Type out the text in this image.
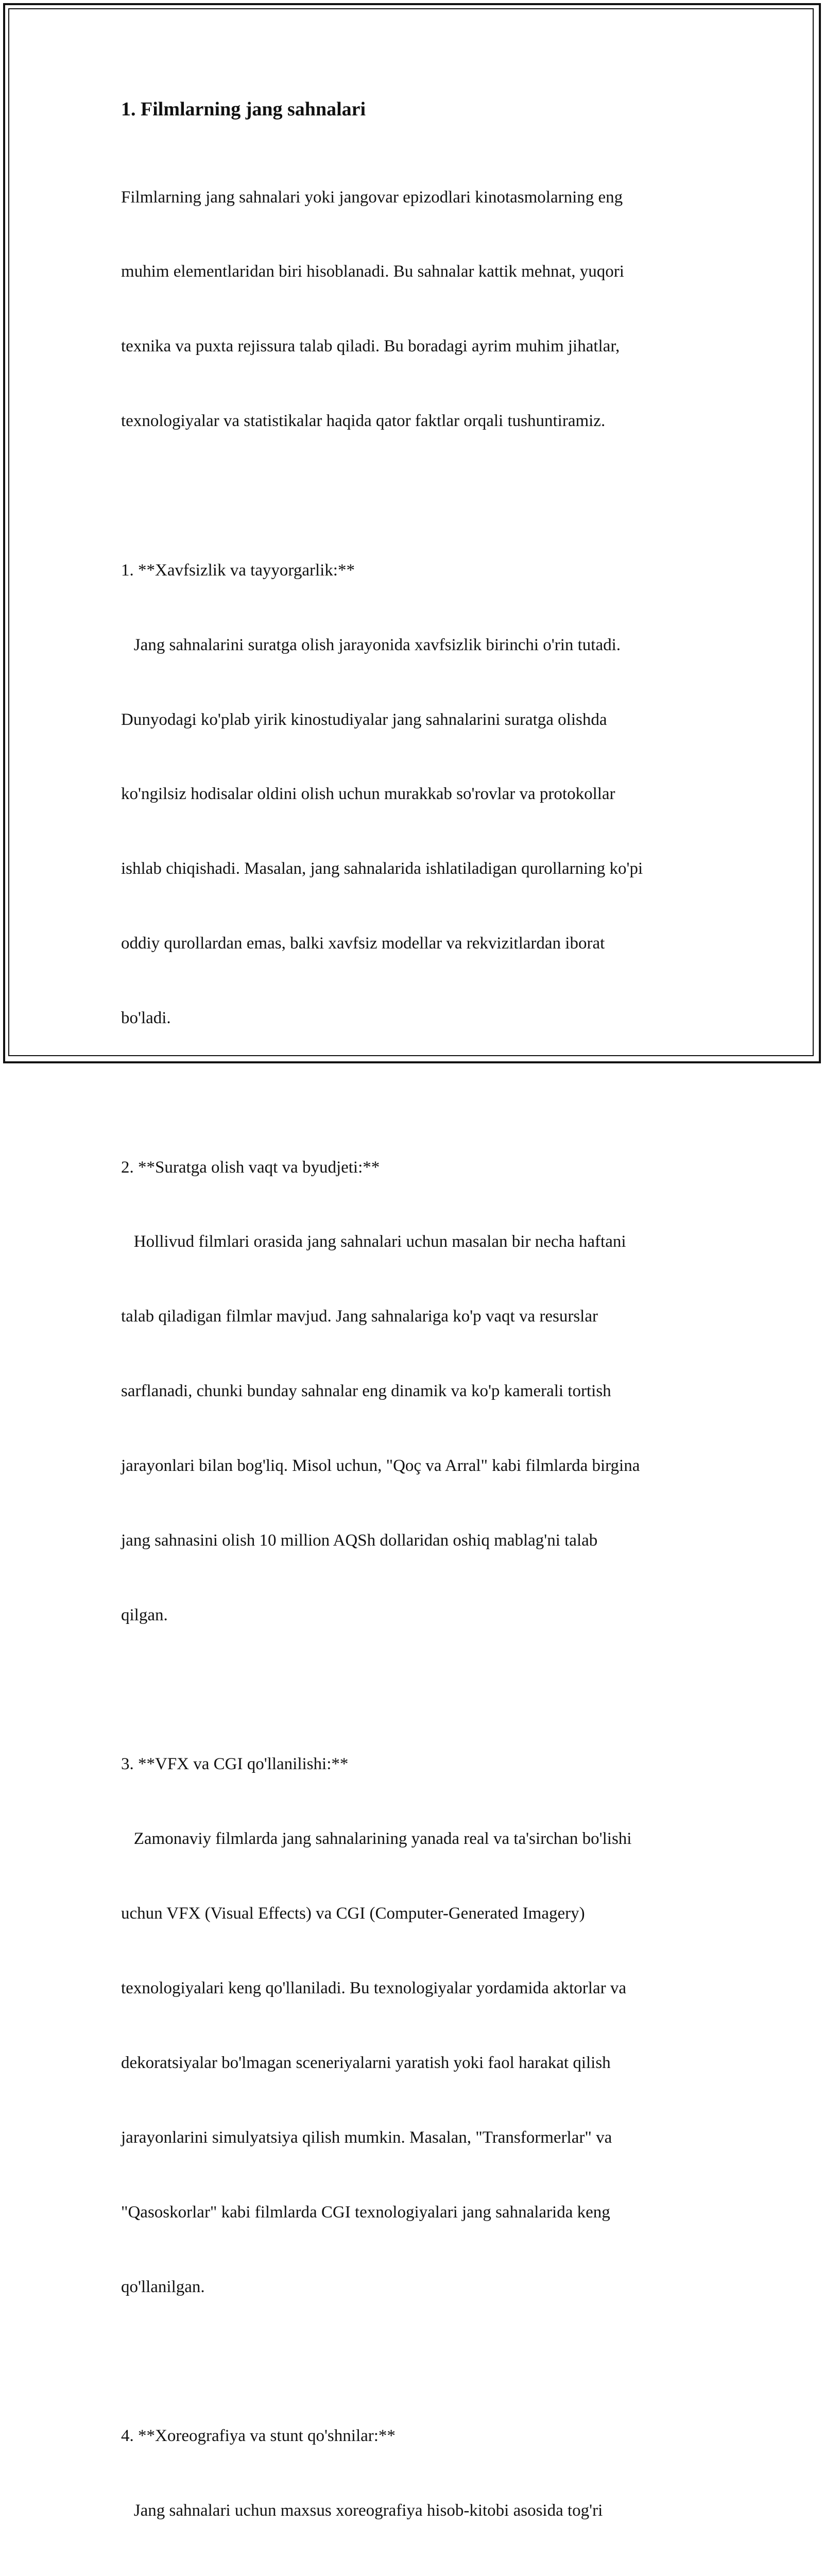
1. Filmlarning jang sahnalari

Filmlarning jang sahnalari yoki jangovar epizodlari kinotasmolarning eng

muhim elementlaridan biri hisoblanadi. Bu sahnalar kattik mehnat, yuqori

texnika va puxta rejissura talab qiladi. Bu boradagi ayrim muhim jihatlar,

texnologiyalar va statistikalar haqida qator faktlar orqali tushuntiramiz.

1. **Xavfsizlik va tayyorgarlik:**

Jang sahnalarini suratga olish jarayonida xavfsizlik birinchi o'rin tutadi.

Dunyodagi ko'plab yirik kinostudiyalar jang sahnalarini suratga olishda

ko'ngilsiz hodisalar oldini olish uchun murakkab so'rovlar va protokollar

ishlab chiqishadi. Masalan, jang sahnalarida ishlatiladigan qurollarning ko'pi

oddiy qurollardan emas, balki xavfsiz modellar va rekvizitlardan iborat

bo'ladi.

2. **Suratga olish vaqt va byudjeti:**

Hollivud filmlari orasida jang sahnalari uchun masalan bir necha haftani

talab qiladigan filmlar mavjud. Jang sahnalariga ko'p vaqt va resurslar

sarflanadi, chunki bunday sahnalar eng dinamik va ko'p kamerali tortish

jarayonlari bilan bog'liq. Misol uchun, "Qoç va Arral" kabi filmlarda birgina

jang sahnasini olish 10 million AQSh dollaridan oshiq mablag'ni talab

qilgan.

3. **VFX va CGI qo'llanilishi:**

Zamonaviy filmlarda jang sahnalarining yanada real va ta'sirchan bo'lishi

uchun VFX (Visual Effects) va CGI (Computer-Generated Imagery)

texnologiyalari keng qo'llaniladi. Bu texnologiyalar yordamida aktorlar va

dekoratsiyalar bo'lmagan sceneriyalarni yaratish yoki faol harakat qilish

jarayonlarini simulyatsiya qilish mumkin. Masalan, "Transformerlar" va

"Qasoskorlar" kabi filmlarda CGI texnologiyalari jang sahnalarida keng

qo'llanilgan.

4. **Xoreografiya va stunt qo'shnilar:**

Jang sahnalari uchun maxsus xoreografiya hisob-kitobi asosida tog'ri
